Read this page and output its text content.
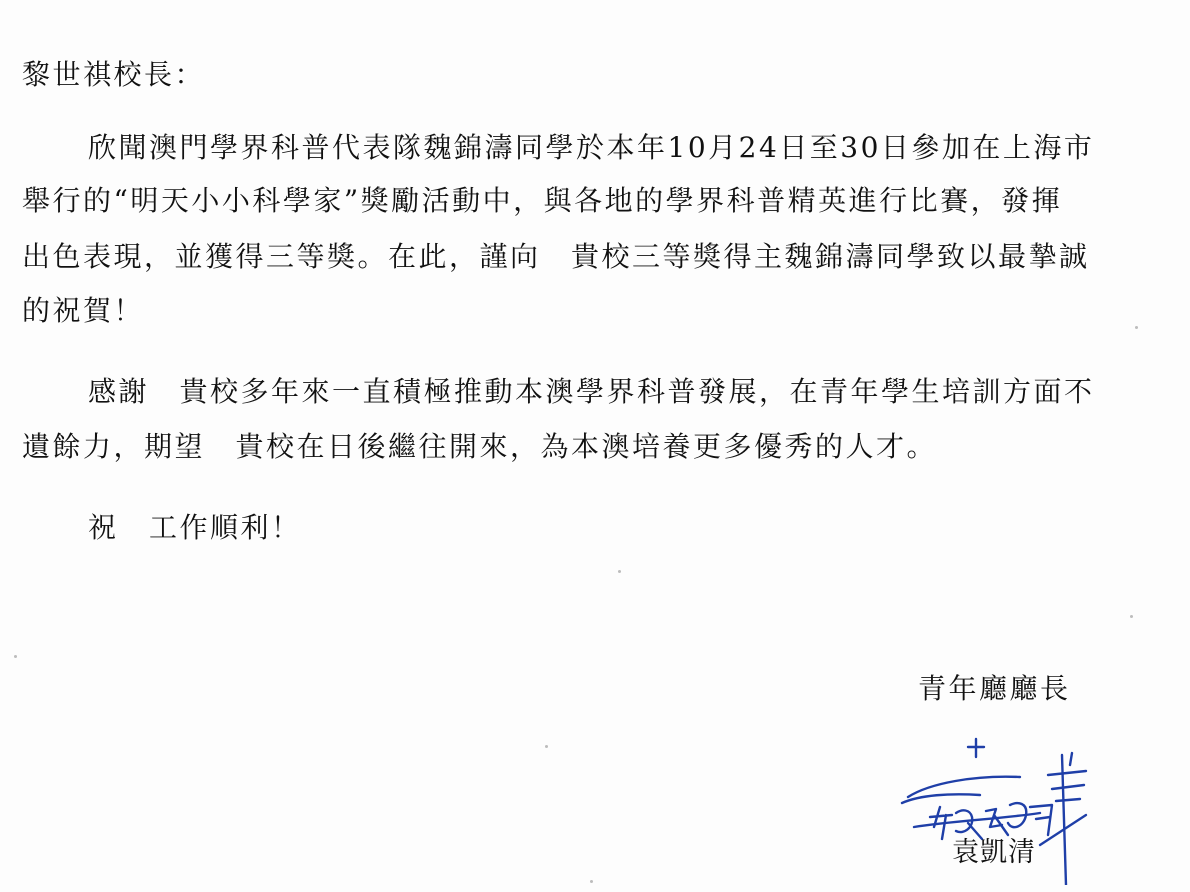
黎世祺校長：
欣聞澳門學界科普代表隊魏錦濤同學於本年10月24日至30日參加在上海市
舉行的“明天小小科學家”獎勵活動中，與各地的學界科普精英進行比賽，發揮
出色表現，並獲得三等獎。在此，謹向　貴校三等獎得主魏錦濤同學致以最摯誠
的祝賀！
感謝　貴校多年來一直積極推動本澳學界科普發展，在青年學生培訓方面不
遺餘力，期望　貴校在日後繼往開來，為本澳培養更多優秀的人才。
祝　工作順利！
青年廳廳長
袁凱清
